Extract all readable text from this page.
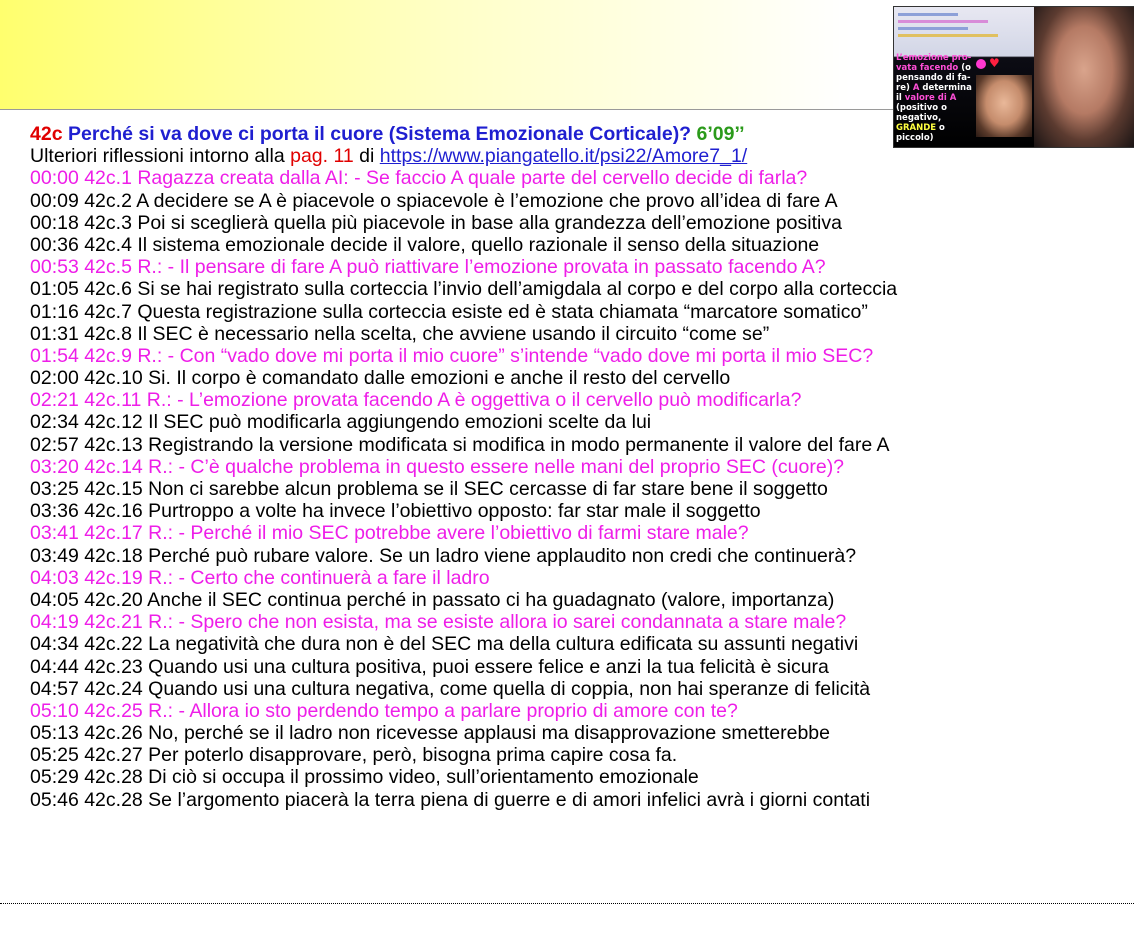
L’emozione pro-vata facendo (o pensando di fa-re) A determina il valore di A (positivo o negativo, GRANDE o piccolo)
♥
42c Perché si va dove ci porta il cuore (Sistema Emozionale Corticale)? 6’09’’
Ulteriori riflessioni intorno alla pag. 11 di https://www.piangatello.it/psi22/Amore7_1/
00:00 42c.1 Ragazza creata dalla AI: - Se faccio A quale parte del cervello decide di farla?
00:09 42c.2 A decidere se A è piacevole o spiacevole è l’emozione che provo all’idea di fare A
00:18 42c.3 Poi si sceglierà quella più piacevole in base alla grandezza dell’emozione positiva
00:36 42c.4 Il sistema emozionale decide il valore, quello razionale il senso della situazione
00:53 42c.5 R.: - Il pensare di fare A può riattivare l’emozione provata in passato facendo A?
01:05 42c.6 Si se hai registrato sulla corteccia l’invio dell’amigdala al corpo e del corpo alla corteccia
01:16 42c.7 Questa registrazione sulla corteccia esiste ed è stata chiamata “marcatore somatico”
01:31 42c.8 Il SEC è necessario nella scelta, che avviene usando il circuito “come se”
01:54 42c.9 R.: - Con “vado dove mi porta il mio cuore” s’intende “vado dove mi porta il mio SEC?
02:00 42c.10 Si. Il corpo è comandato dalle emozioni e anche il resto del cervello
02:21 42c.11 R.: - L’emozione provata facendo A è oggettiva o il cervello può modificarla?
02:34 42c.12 Il SEC può modificarla aggiungendo emozioni scelte da lui
02:57 42c.13 Registrando la versione modificata si modifica in modo permanente il valore del fare A
03:20 42c.14 R.: - C’è qualche problema in questo essere nelle mani del proprio SEC (cuore)?
03:25 42c.15 Non ci sarebbe alcun problema se il SEC cercasse di far stare bene il soggetto
03:36 42c.16 Purtroppo a volte ha invece l’obiettivo opposto: far star male il soggetto
03:41 42c.17 R.: - Perché il mio SEC potrebbe avere l’obiettivo di farmi stare male?
03:49 42c.18 Perché può rubare valore. Se un ladro viene applaudito non credi che continuerà?
04:03 42c.19 R.: - Certo che continuerà a fare il ladro
04:05 42c.20 Anche il SEC continua perché in passato ci ha guadagnato (valore, importanza)
04:19 42c.21 R.: - Spero che non esista, ma se esiste allora io sarei condannata a stare male?
04:34 42c.22 La negatività che dura non è del SEC ma della cultura edificata su assunti negativi
04:44 42c.23 Quando usi una cultura positiva, puoi essere felice e anzi la tua felicità è sicura
04:57 42c.24 Quando usi una cultura negativa, come quella di coppia, non hai speranze di felicità
05:10 42c.25 R.: - Allora io sto perdendo tempo a parlare proprio di amore con te?
05:13 42c.26 No, perché se il ladro non ricevesse applausi ma disapprovazione smetterebbe
05:25 42c.27 Per poterlo disapprovare, però, bisogna prima capire cosa fa.
05:29 42c.28 Di ciò si occupa il prossimo video, sull’orientamento emozionale
05:46 42c.28 Se l’argomento piacerà la terra piena di guerre e di amori infelici avrà i giorni contati
